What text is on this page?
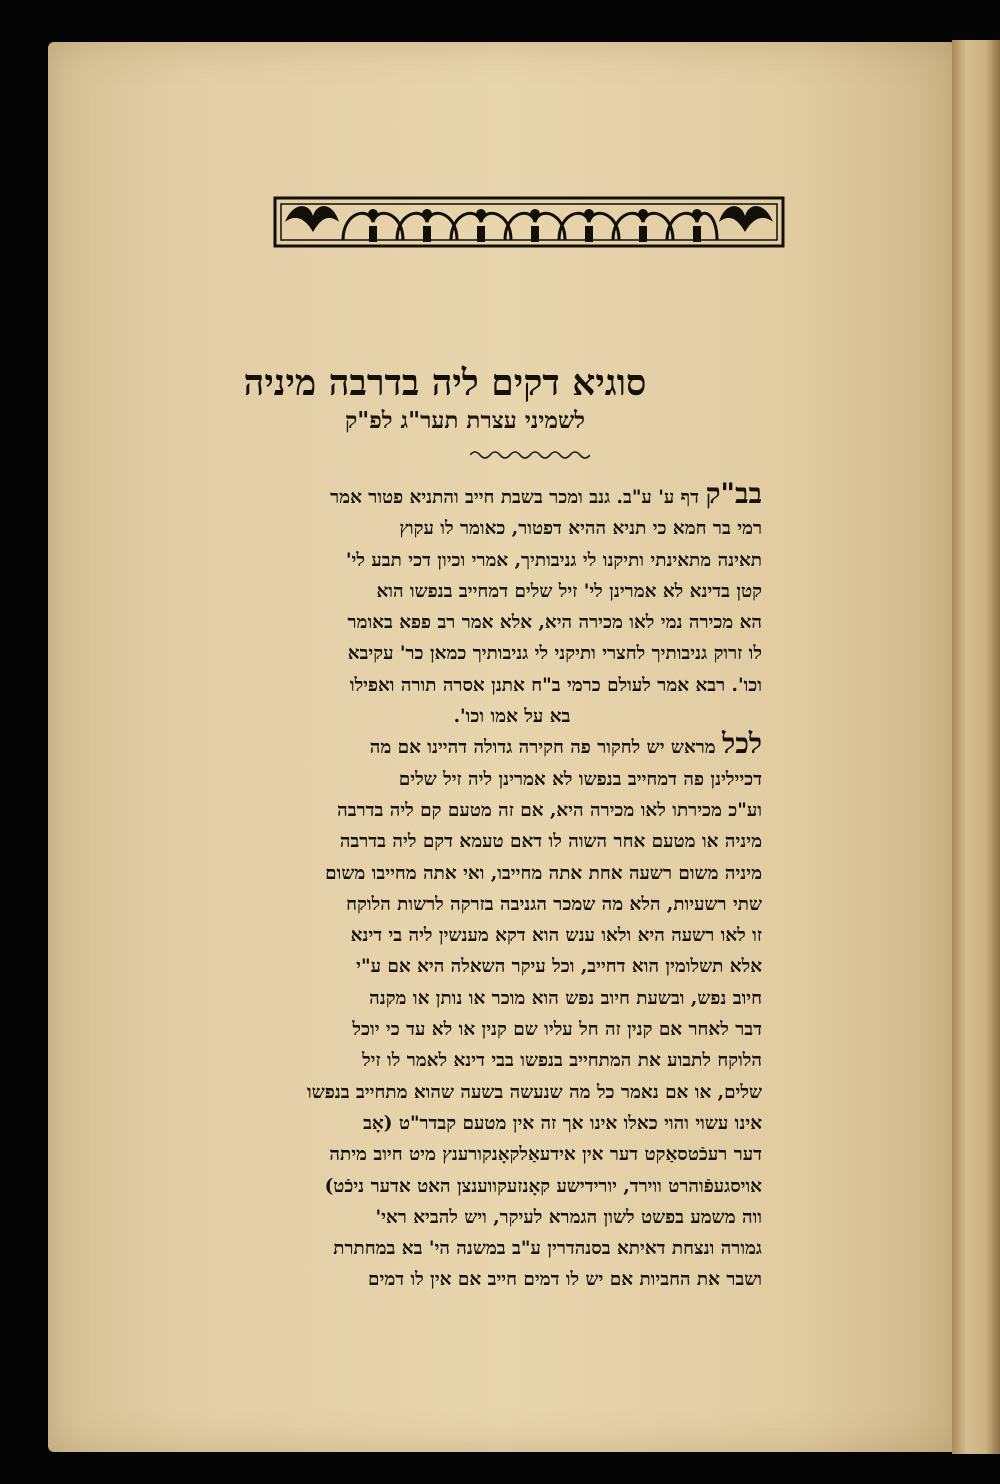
סוגיא דקים ליה בדרבה מיניה
לשמיני עצרת תער"ג לפ"ק
בב"ק דף ע' ע"ב. גנב ומכר בשבת חייב והתניא פטור אמר
רמי בר חמא כי תניא ההיא דפטור, כאומר לו עקוץ
תאינה מתאינתי ותיקנו לי גניבותיך, אמרי וכיון דכי תבע לי'
קטן בדינא לא אמרינן לי' זיל שלים דמחייב בנפשו הוא
הא מכירה נמי לאו מכירה היא, אלא אמר רב פפא באומר
לו זרוק גניבותיך לחצרי ותיקני לי גניבותיך כמאן כר' עקיבא
וכו'. רבא אמר לעולם כרמי ב"ח אתנן אסרה תורה ואפילו
בא על אמו וכו'.
לכל מראש יש לחקור פה חקירה גדולה דהיינו אם מה
דכיילינן פה דמחייב בנפשו לא אמרינן ליה זיל שלים
וע"כ מכירתו לאו מכירה היא, אם זה מטעם קם ליה בדרבה
מיניה או מטעם אחר השוה לו דאם טעמא דקם ליה בדרבה
מיניה משום רשעה אחת אתה מחייבו, ואי אתה מחייבו משום
שתי רשעיות, הלא מה שמכר הגניבה בזרקה לרשות הלוקח
זו לאו רשעה היא ולאו ענש הוא דקא מענשין ליה בי דינא
אלא תשלומין הוא דחייב, וכל עיקר השאלה היא אם ע"י
חיוב נפש, ובשעת חיוב נפש הוא מוכר או נותן או מקנה
דבר לאחר אם קנין זה חל עליו שם קנין או לא עד כי יוכל
הלוקח לתבוע את המתחייב בנפשו בבי דינא לאמר לו זיל
שלים, או אם נאמר כל מה שנעשה בשעה שהוא מתחייב בנפשו
אינו עשוי והוי כאלו אינו אך זה אין מטעם קבדר"ט (אָב
דער רעכֿטסאַקט דער אין אידעאַלקאָנקורענץ מיט חיוב מיתה
אויסגעפֿוהרט ווירד, יורידישע קאָנזעקווענצן האט אדער ניכֿט)
ווה משמע בפשט לשון הגמרא לעיקר, ויש להביא ראי'
גמורה ונצחת דאיתא בסנהדרין ע"ב במשנה הי' בא במחתרת
ושבר את החביות אם יש לו דמים חייב אם אין לו דמים
